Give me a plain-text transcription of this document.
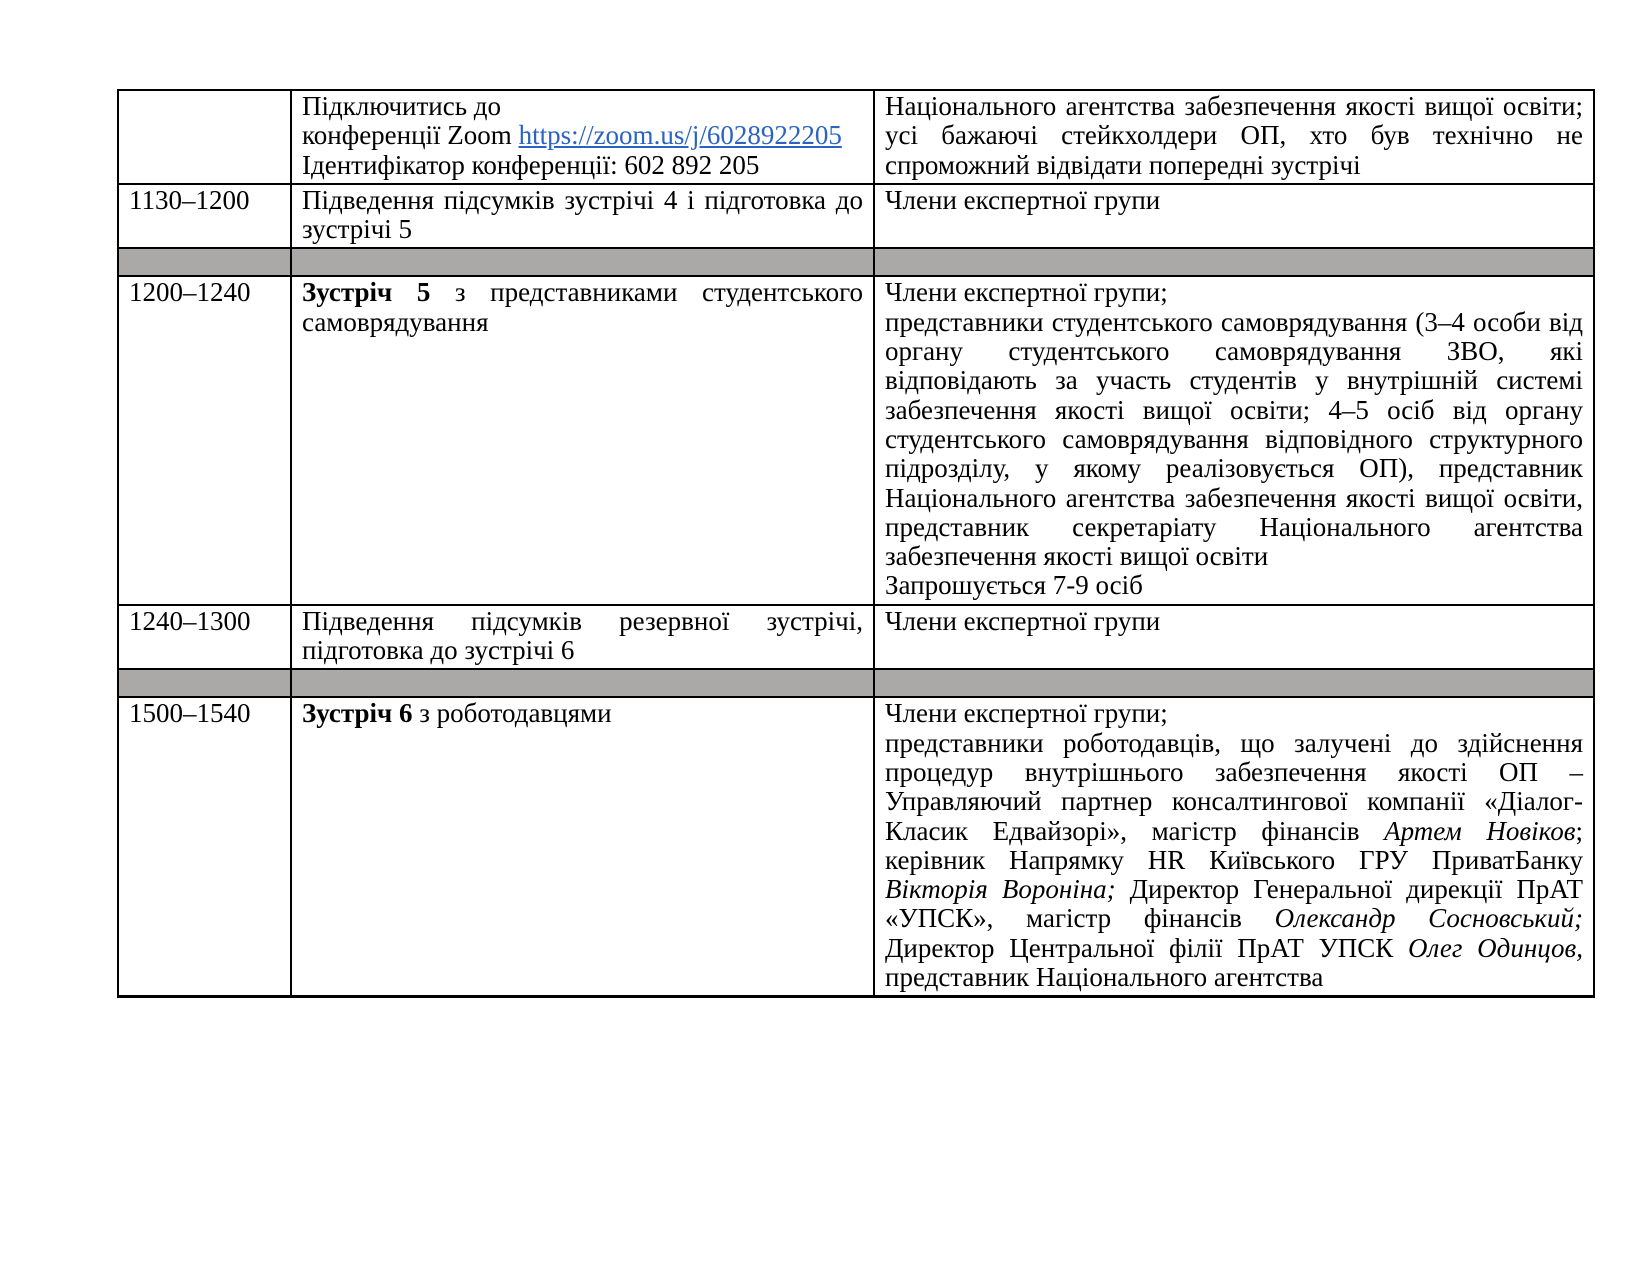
	Підключитись до
конференції Zoom https://zoom.us/j/6028922205
Ідентифікатор конференції: 602 892 205	Національного агентства забезпечення якості вищої освіти; усі бажаючі стейкхолдери ОП, хто був технічно не спроможний відвідати попередні зустрічі
1130–1200	Підведення підсумків зустрічі 4 і підготовка до зустрічі 5	Члени експертної групи

1200–1240	Зустріч 5 з представниками студентського самоврядування	Члени експертної групи;
представники студентського самоврядування (3–4 особи від органу студентського самоврядування ЗВО, які відповідають за участь студентів у внутрішній системі забезпечення якості вищої освіти; 4–5 осіб від органу студентського самоврядування відповідного структурного підрозділу, у якому реалізовується ОП), представник Національного агентства забезпечення якості вищої освіти, представник секретаріату Національного агентства забезпечення якості вищої освіти
Запрошується 7-9 осіб

1240–1300	Підведення підсумків резервної зустрічі, підготовка до зустрічі 6	Члени експертної групи

1500–1540	Зустріч 6 з роботодавцями	Члени експертної групи;
представники роботодавців, що залучені до здійснення процедур внутрішнього забезпечення якості ОП – Управляючий партнер консалтингової компанії «Діалог-Класик Едвайзорі», магістр фінансів Артем Новіков; керівник Напрямку HR Київського ГРУ ПриватБанку Вікторія Вороніна; Директор Генеральної дирекції ПрАТ «УПСК», магістр фінансів Олександр Сосновський; Директор Центральної філії ПрАТ УПСК Олег Одинцов, представник Національного агентства
